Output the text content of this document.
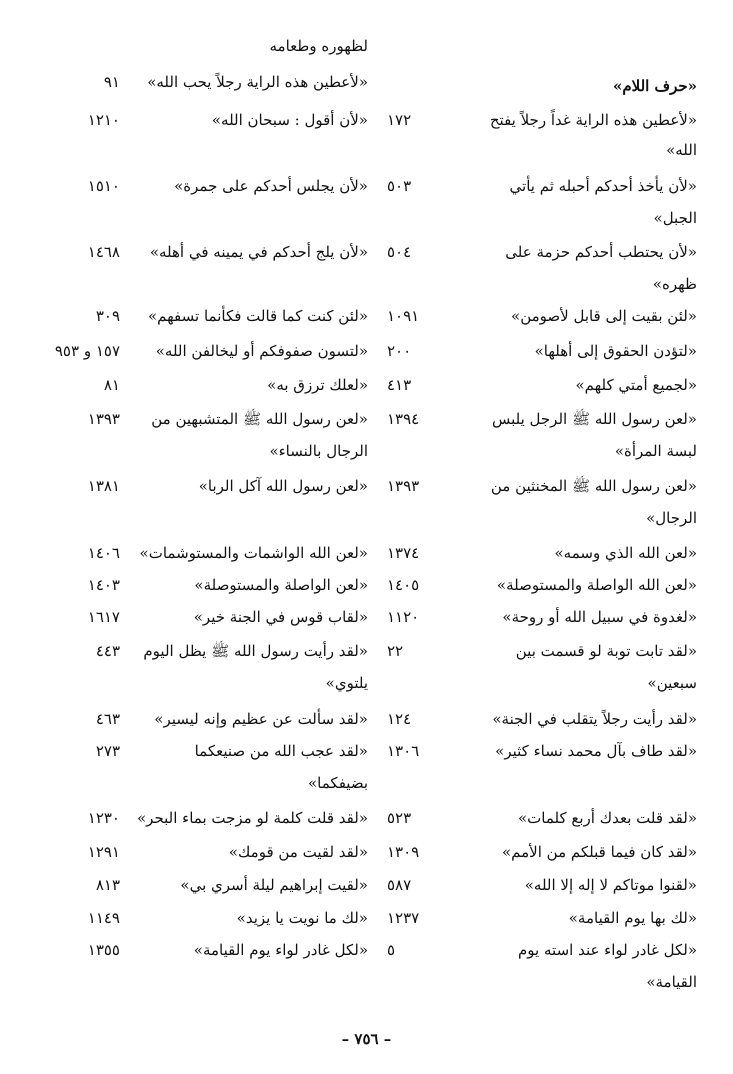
«حرف اللام»
«لأعطين هذه الراية غداً رجلاً يفتح
الله»
١٧٢
«لأن يأخذ أحدكم أحبله ثم يأتي
الجبل»
٥٠٣
«لأن يحتطب أحدكم حزمة على
ظهره»
٥٠٤
«لئن بقيت إلى قابل لأصومن»
١٠٩١
«لتؤدن الحقوق إلى أهلها»
٢٠٠
«لجميع أمتي كلهم»
٤١٣
«لعن رسول الله ﷺ الرجل يلبس
لبسة المرأة»
١٣٩٤
«لعن رسول الله ﷺ المخنثين من
الرجال»
١٣٩٣
«لعن الله الذي وسمه»
١٣٧٤
«لعن الله الواصلة والمستوصلة»
١٤٠٥
«لغدوة في سبيل الله أو روحة»
١١٢٠
«لقد تابت توبة لو قسمت بين
سبعين»
٢٢
«لقد رأيت رجلاً يتقلب في الجنة»
١٢٤
«لقد طاف بآل محمد نساء كثير»
١٣٠٦
«لقد قلت بعدك أربع كلمات»
٥٢٣
«لقد كان فيما قبلكم من الأمم»
١٣٠٩
«لقنوا موتاكم لا إله إلا الله»
٥٨٧
«لك بها يوم القيامة»
١٢٣٧
«لكل غادر لواء عند استه يوم
القيامة»
٥
لظهوره وطعامه
«لأعطين هذه الراية رجلاً يحب الله»
٩١
«لأن أقول : سبحان الله»
١٢١٠
«لأن يجلس أحدكم على جمرة»
١٥١٠
«لأن يلج أحدكم في يمينه في أهله»
١٤٦٨
«لئن كنت كما قالت فكأنما تسفهم»
٣٠٩
«لتسون صفوفكم أو ليخالفن الله»
١٥٧ و ٩٥٣
«لعلك ترزق به»
٨١
«لعن رسول الله ﷺ المتشبهين من
الرجال بالنساء»
١٣٩٣
«لعن رسول الله آكل الربا»
١٣٨١
«لعن الله الواشمات والمستوشمات»
١٤٠٦
«لعن الواصلة والمستوصلة»
١٤٠٣
«لقاب قوس في الجنة خير»
١٦١٧
«لقد رأيت رسول الله ﷺ يظل اليوم
يلتوي»
٤٤٣
«لقد سألت عن عظيم وإنه ليسير»
٤٦٣
«لقد عجب الله من صنيعكما
بضيفكما»
٢٧٣
«لقد قلت كلمة لو مزجت بماء البحر»
١٢٣٠
«لقد لقيت من قومك»
١٢٩١
«لقيت إبراهيم ليلة أسري بي»
٨١٣
«لك ما نويت يا يزيد»
١١٤٩
«لكل غادر لواء يوم القيامة»
١٣٥٥
– ٧٥٦ –
